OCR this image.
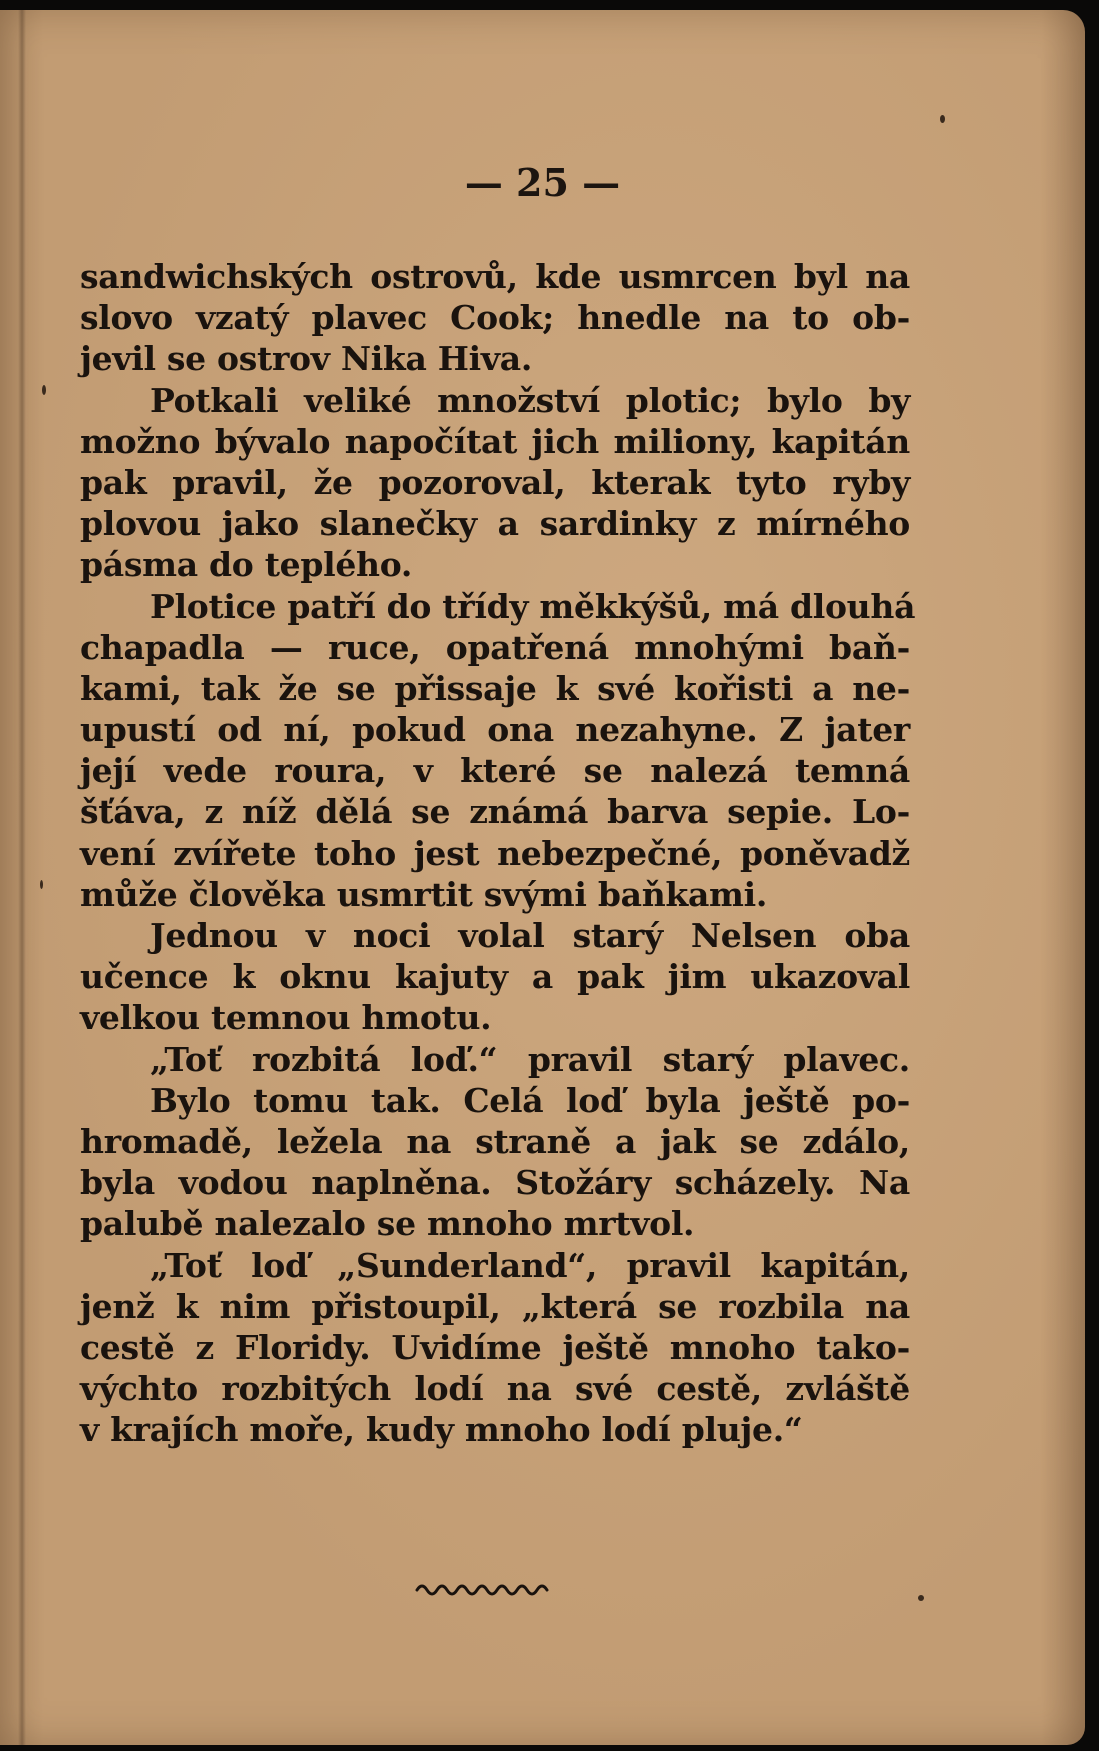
— 25 —
sandwichských ostrovů, kde usmrcen byl na
slovo vzatý plavec Cook; hnedle na to ob-
jevil se ostrov Nika Hiva.
Potkali veliké množství plotic; bylo by
možno bývalo napočítat jich miliony, kapitán
pak pravil, že pozoroval, kterak tyto ryby
plovou jako slanečky a sardinky z mírného
pásma do teplého.
Plotice patří do třídy měkkýšů, má dlouhá
chapadla — ruce, opatřená mnohými baň-
kami, tak že se přissaje k své kořisti a ne-
upustí od ní, pokud ona nezahyne. Z jater
její vede roura, v které se nalezá temná
šťáva, z níž dělá se známá barva sepie. Lo-
vení zvířete toho jest nebezpečné, poněvadž
může člověka usmrtit svými baňkami.
Jednou v noci volal starý Nelsen oba
učence k oknu kajuty a pak jim ukazoval
velkou temnou hmotu.
„Toť rozbitá loď.“ pravil starý plavec.
Bylo tomu tak. Celá loď byla ještě po-
hromadě, ležela na straně a jak se zdálo,
byla vodou naplněna. Stožáry scházely. Na
palubě nalezalo se mnoho mrtvol.
„Toť loď „Sunderland“, pravil kapitán,
jenž k nim přistoupil, „která se rozbila na
cestě z Floridy. Uvidíme ještě mnoho tako-
výchto rozbitých lodí na své cestě, zvláště
v krajích moře, kudy mnoho lodí pluje.“
